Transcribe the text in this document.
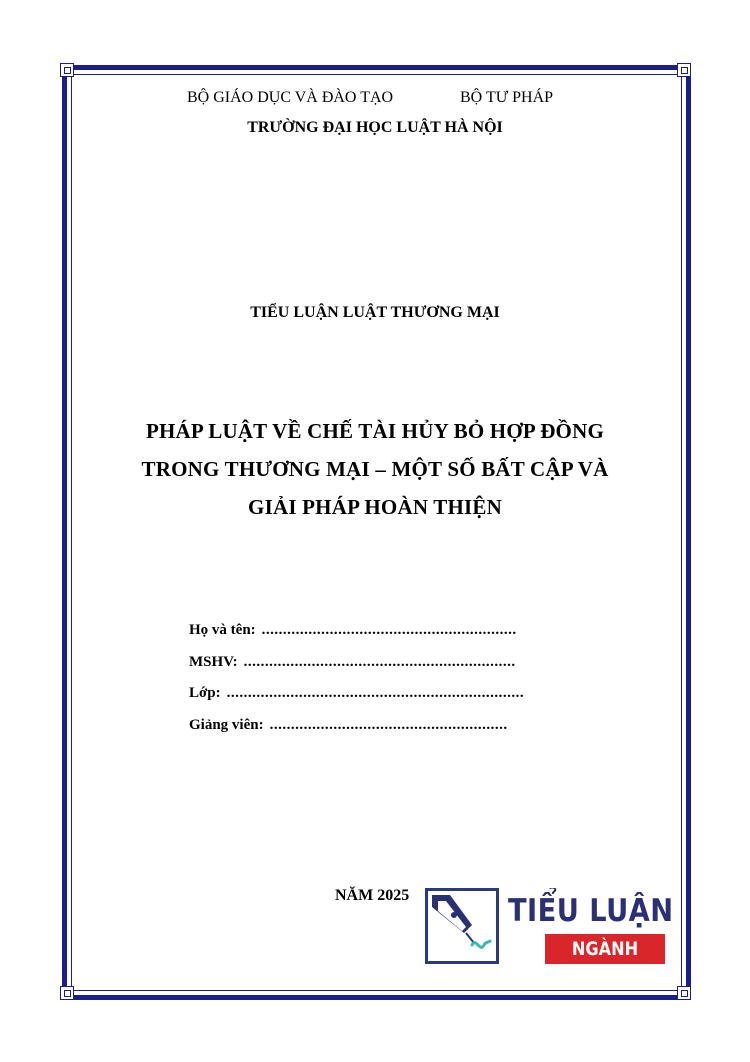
BỘ GIÁO DỤC VÀ ĐÀO TẠO	BỘ TƯ PHÁP
TRƯỜNG ĐẠI HỌC LUẬT HÀ NỘI
TIỂU LUẬN LUẬT THƯƠNG MẠI
PHÁP LUẬT VỀ CHẾ TÀI HỦY BỎ HỢP ĐỒNG
TRONG THƯƠNG MẠI – MỘT SỐ BẤT CẬP VÀ
GIẢI PHÁP HOÀN THIỆN
Họ và tên: ............................................................
MSHV: ................................................................
Lớp: ......................................................................
Giảng viên: ........................................................
NĂM 2025	TIỂU LUẬN
NGÀNH LUẬT
